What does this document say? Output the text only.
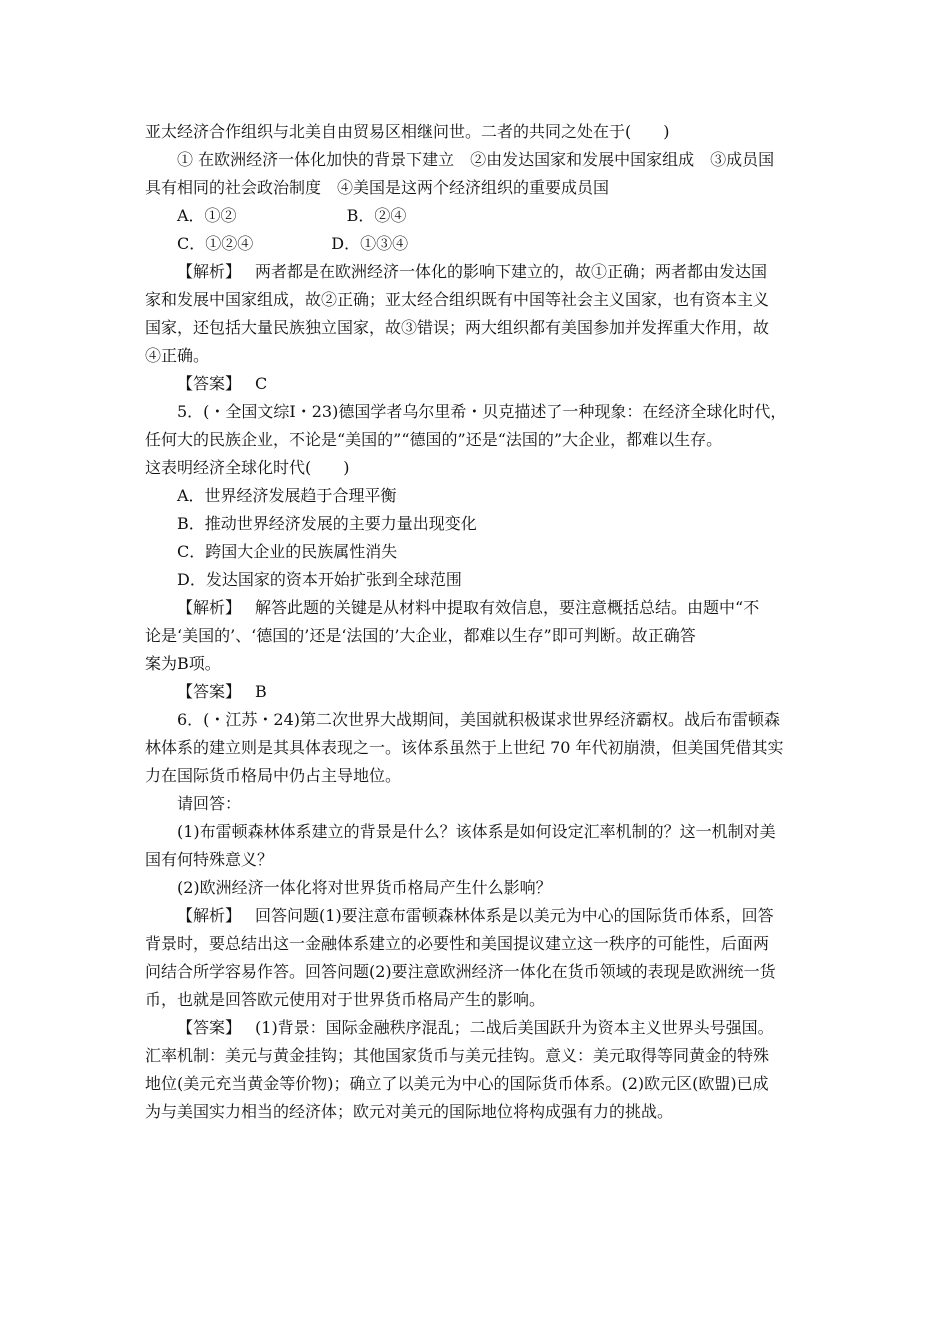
亚太经济合作组织与北美自由贸易区相继问世。二者的共同之处在于(　　)
① 在欧洲经济一体化加快的背景下建立　②由发达国家和发展中国家组成　③成员国
具有相同的社会政治制度　④美国是这两个经济组织的重要成员国
A．①②	B．②④
C．①②④	D．①③④
【解析】 两者都是在欧洲经济一体化的影响下建立的，故①正确；两者都由发达国
家和发展中国家组成，故②正确；亚太经合组织既有中国等社会主义国家，也有资本主义
国家，还包括大量民族独立国家，故③错误；两大组织都有美国参加并发挥重大作用，故
④正确。
【答案】 C
5．(・全国文综Ⅰ・23)德国学者乌尔里希・贝克描述了一种现象：在经济全球化时代，
任何大的民族企业，不论是“美国的”“德国的”还是“法国的”大企业，都难以生存。
这表明经济全球化时代(　　)
A．世界经济发展趋于合理平衡
B．推动世界经济发展的主要力量出现变化
C．跨国大企业的民族属性消失
D．发达国家的资本开始扩张到全球范围
【解析】 解答此题的关键是从材料中提取有效信息，要注意概括总结。由题中“不
论是‘美国的’、‘德国的’还是‘法国的’大企业，都难以生存”即可判断。故正确答
案为B项。
【答案】 B
6．(・江苏・24)第二次世界大战期间，美国就积极谋求世界经济霸权。战后布雷顿森
林体系的建立则是其具体表现之一。该体系虽然于上世纪 70 年代初崩溃，但美国凭借其实
力在国际货币格局中仍占主导地位。
请回答：
(1)布雷顿森林体系建立的背景是什么？该体系是如何设定汇率机制的？这一机制对美
国有何特殊意义？
(2)欧洲经济一体化将对世界货币格局产生什么影响？
【解析】 回答问题(1)要注意布雷顿森林体系是以美元为中心的国际货币体系，回答
背景时，要总结出这一金融体系建立的必要性和美国提议建立这一秩序的可能性，后面两
问结合所学容易作答。回答问题(2)要注意欧洲经济一体化在货币领域的表现是欧洲统一货
币，也就是回答欧元使用对于世界货币格局产生的影响。
【答案】 (1)背景：国际金融秩序混乱；二战后美国跃升为资本主义世界头号强国。
汇率机制：美元与黄金挂钩；其他国家货币与美元挂钩。意义：美元取得等同黄金的特殊
地位(美元充当黄金等价物)；确立了以美元为中心的国际货币体系。(2)欧元区(欧盟)已成
为与美国实力相当的经济体；欧元对美元的国际地位将构成强有力的挑战。
